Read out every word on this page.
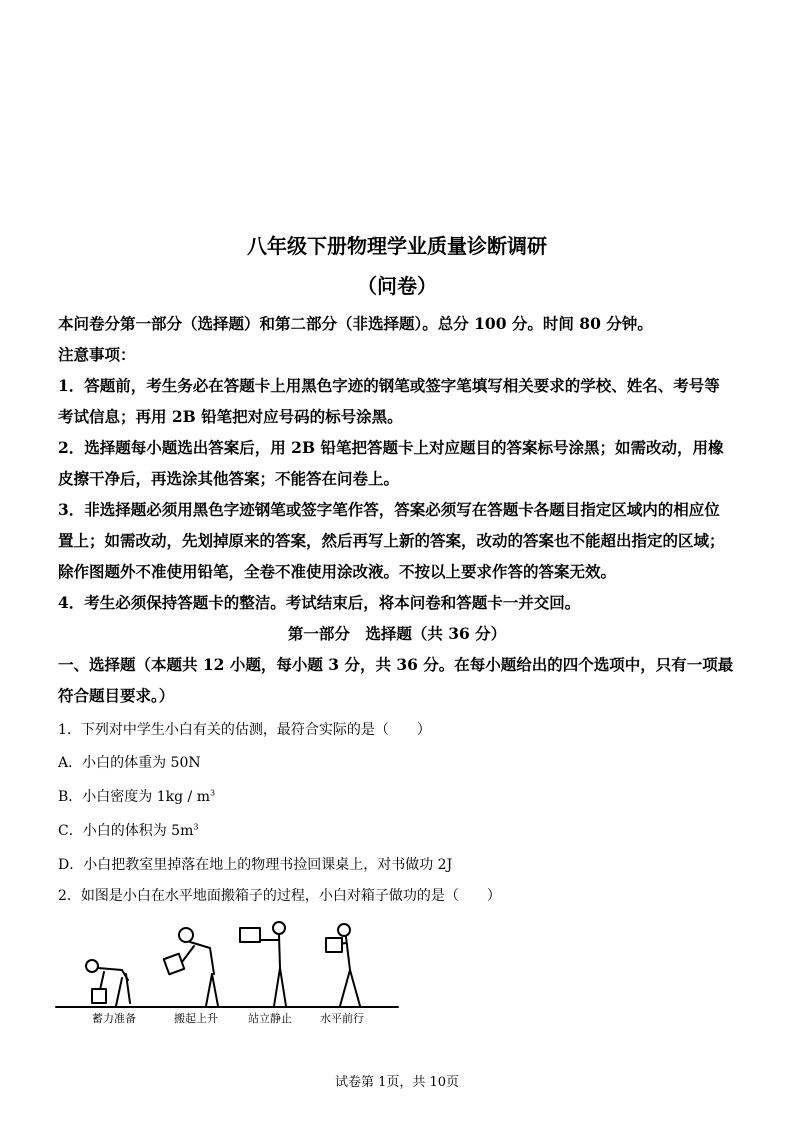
八年级下册物理学业质量诊断调研
（问卷）
本问卷分第一部分（选择题）和第二部分（非选择题）。总分 100 分。时间 80 分钟。
注意事项：
1．答题前，考生务必在答题卡上用黑色字迹的钢笔或签字笔填写相关要求的学校、姓名、考号等
考试信息；再用 2B 铅笔把对应号码的标号涂黑。
2．选择题每小题选出答案后，用 2B 铅笔把答题卡上对应题目的答案标号涂黑；如需改动，用橡
皮擦干净后，再选涂其他答案；不能答在问卷上。
3．非选择题必须用黑色字迹钢笔或签字笔作答，答案必须写在答题卡各题目指定区域内的相应位
置上；如需改动，先划掉原来的答案，然后再写上新的答案，改动的答案也不能超出指定的区域；
除作图题外不准使用铅笔，全卷不准使用涂改液。不按以上要求作答的答案无效。
4．考生必须保持答题卡的整洁。考试结束后，将本问卷和答题卡一并交回。
第一部分　选择题（共 36 分）
一、选择题（本题共 12 小题，每小题 3 分，共 36 分。在每小题给出的四个选项中，只有一项最
符合题目要求。）
1．下列对中学生小白有关的估测，最符合实际的是（　　）
A．小白的体重为 50N
B．小白密度为 $1kg / m^3$
C．小白的体积为 $5m^3$
D．小白把教室里掉落在地上的物理书捡回课桌上，对书做功 2J
2．如图是小白在水平地面搬箱子的过程，小白对箱子做功的是（　　）
蓄力准备	搬起上升	站立静止	水平前行
试卷第 1页，共 10页
